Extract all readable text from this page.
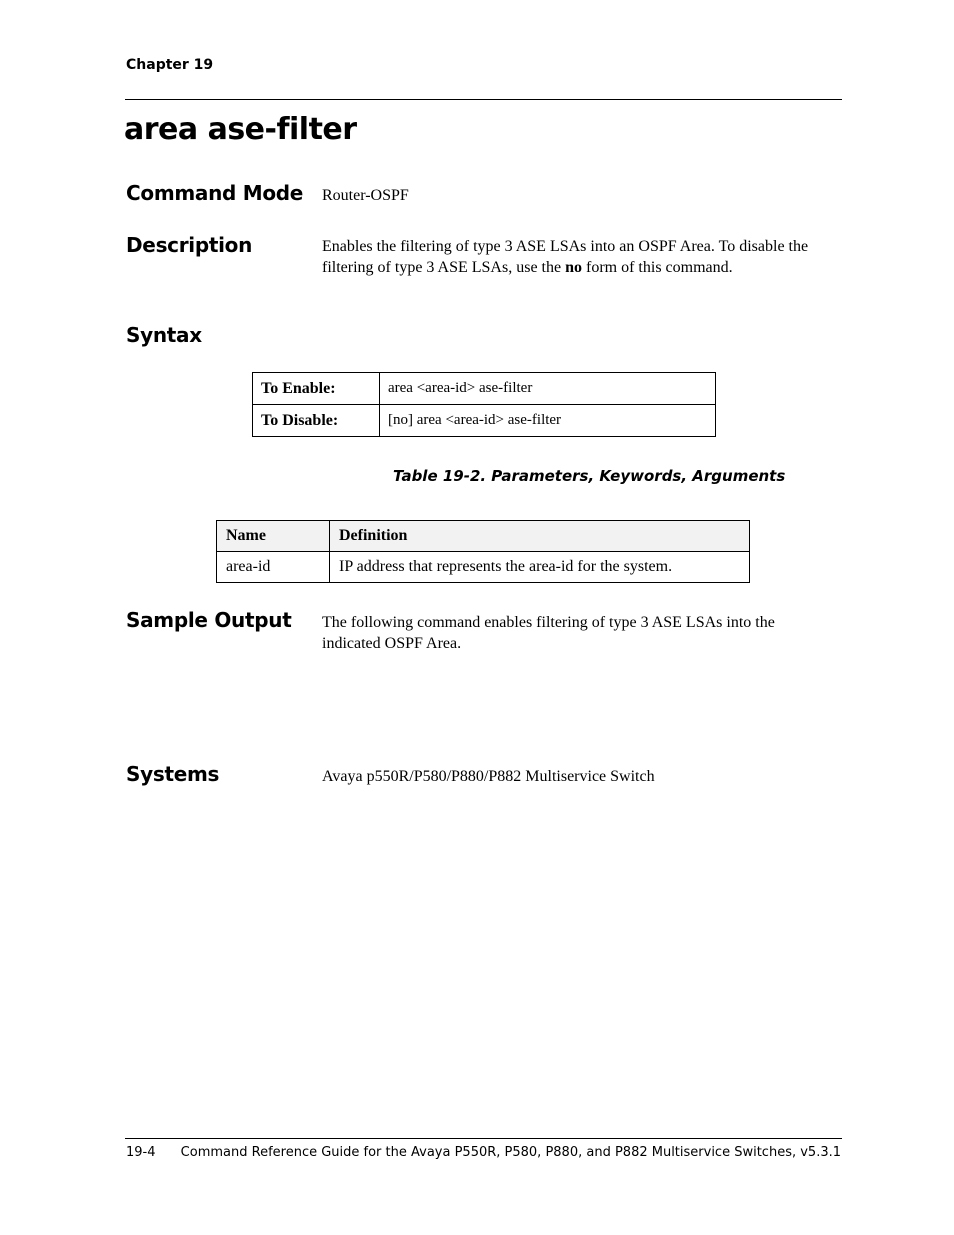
Chapter 19
area ase-filter
Command Mode Router-OSPF
Description	Enables the filtering of type 3 ASE LSAs into an OSPF Area. To disable the filtering of type 3 ASE LSAs, use the no form of this command.
Syntax
To Enable:	area <area-id> ase-filter
To Disable:	[no] area <area-id> ase-filter
Table 19-2. Parameters, Keywords, Arguments
Name	Definition
area-id	IP address that represents the area-id for the system.
Sample Output The following command enables filtering of type 3 ASE LSAs into the indicated OSPF Area.
Systems	Avaya p550R/P580/P880/P882 Multiservice Switch
19-4 Command Reference Guide for the Avaya P550R, P580, P880, and P882 Multiservice Switches, v5.3.1
